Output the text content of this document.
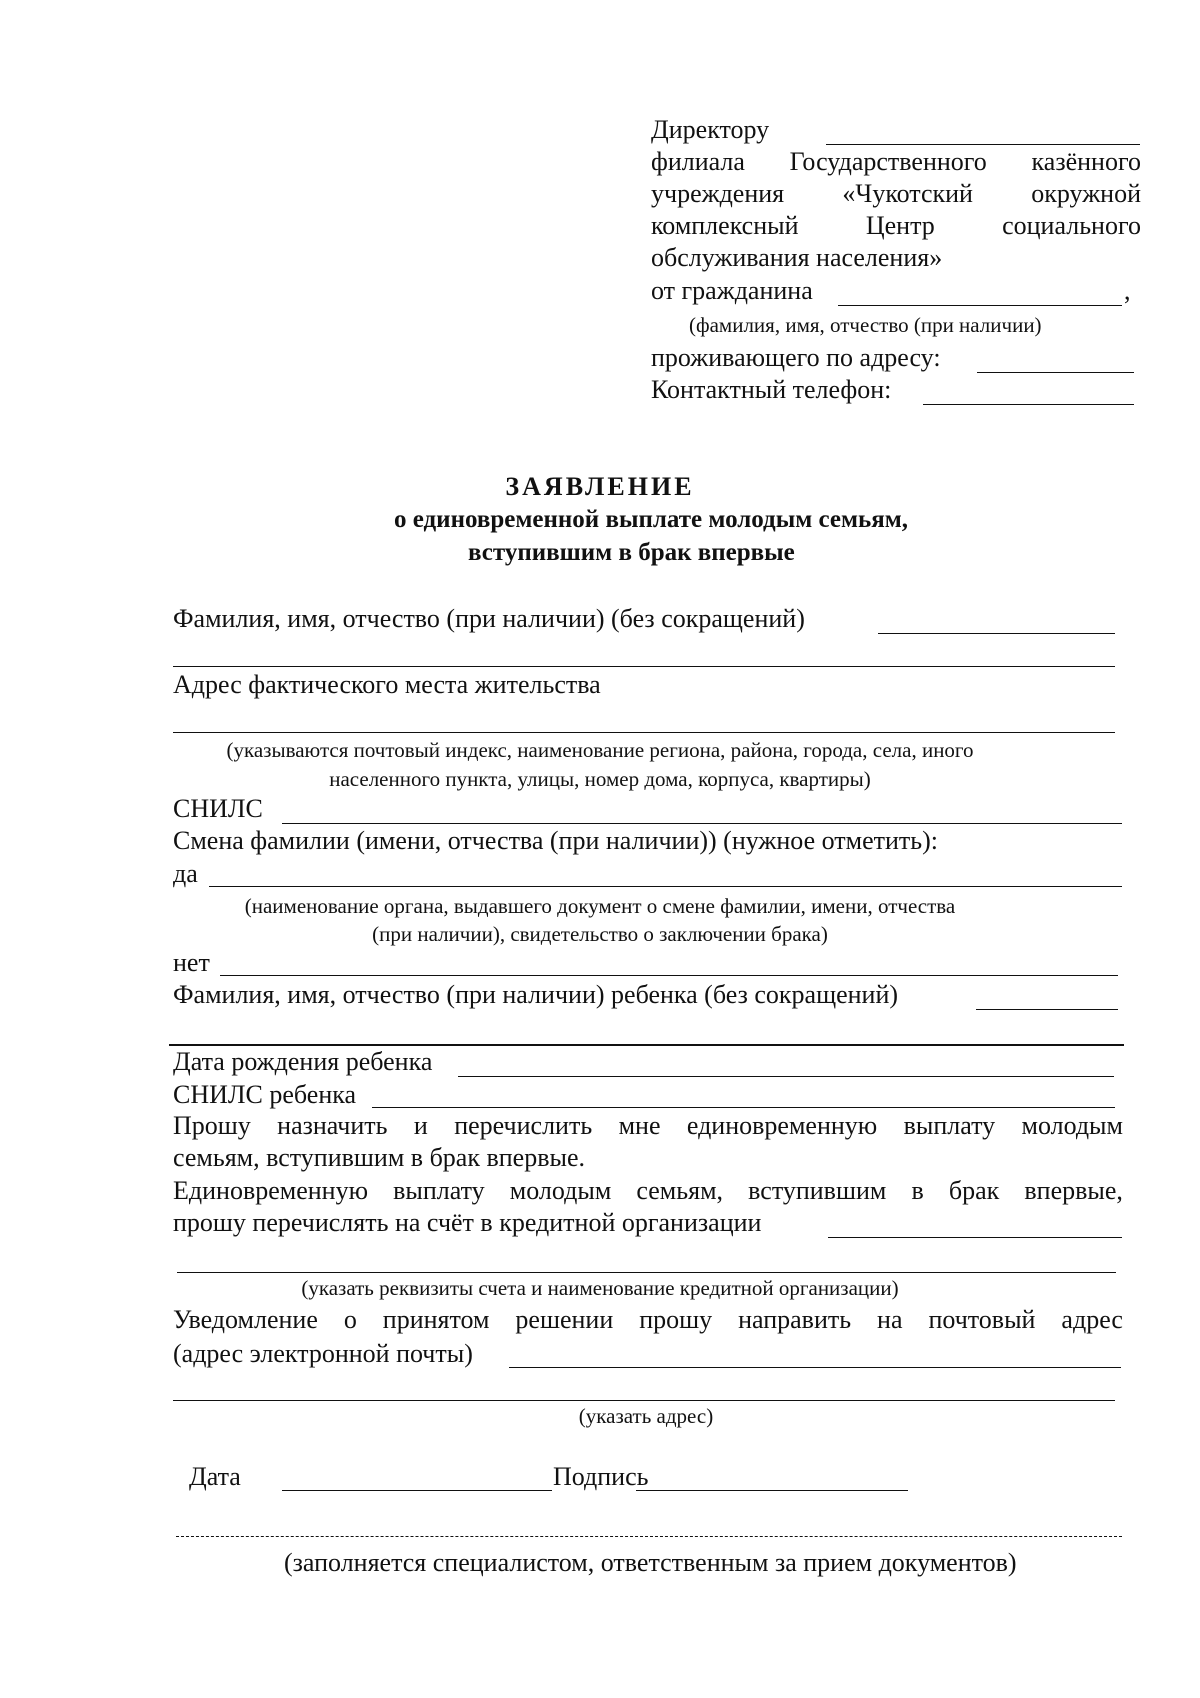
Директору
филиала Государственного казённого
учреждения «Чукотский окружной
комплексный	Центр	социального
обслуживания населения»
от гражданина	,
(фамилия, имя, отчество (при наличии)
проживающего по адресу:
Контактный телефон:
ЗАЯВЛЕНИЕ
о единовременной выплате молодым семьям,
вступившим в брак впервые
Фамилия, имя, отчество (при наличии) (без сокращений)
Адрес фактического места жительства
(указываются почтовый индекс, наименование региона, района, города, села, иного
населенного пункта, улицы, номер дома, корпуса, квартиры)
СНИЛС
Смена фамилии (имени, отчества (при наличии)) (нужное отметить):
да
(наименование органа, выдавшего документ о смене фамилии, имени, отчества
(при наличии), свидетельство о заключении брака)
нет
Фамилия, имя, отчество (при наличии) ребенка (без сокращений)
Дата рождения ребенка
СНИЛС ребенка
Прошу назначить и перечислить мне единовременную выплату молодым
семьям, вступившим в брак впервые.
Единовременную выплату молодым семьям, вступившим в брак впервые,
прошу перечислять на счёт в кредитной организации
(указать реквизиты счета и наименование кредитной организации)
Уведомление о принятом решении прошу направить на почтовый адрес
(адрес электронной почты)
(указать адрес)
Дата	Подпись
(заполняется специалистом, ответственным за прием документов)
